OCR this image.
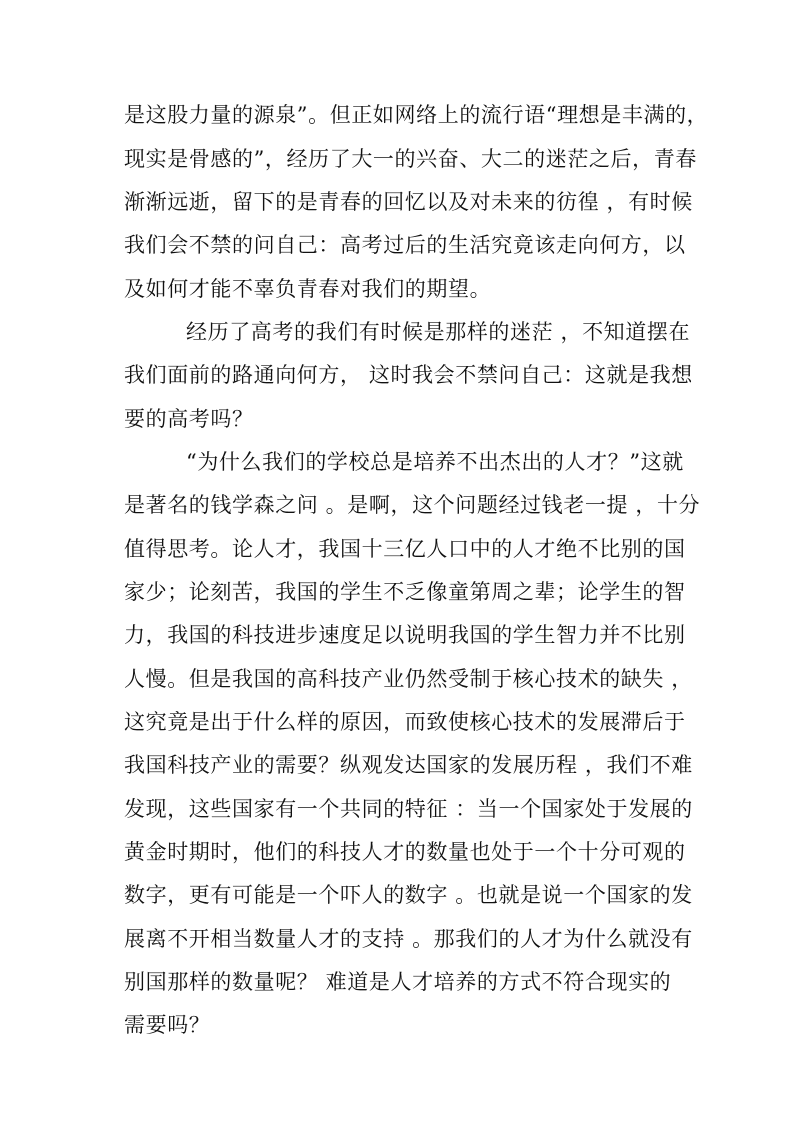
是这股力量的源泉”。但正如网络上的流行语“理想是丰满的，
现实是骨感的”，经历了大一的兴奋、大二的迷茫之后，青春
渐渐远逝，留下的是青春的回忆以及对未来的彷徨 ，有时候
我们会不禁的问自己：高考过后的生活究竟该走向何方，以
及如何才能不辜负青春对我们的期望。
经历了高考的我们有时候是那样的迷茫 ，不知道摆在
我们面前的路通向何方， 这时我会不禁问自己：这就是我想
要的高考吗？
“为什么我们的学校总是培养不出杰出的人才？”这就
是著名的钱学森之问 。是啊，这个问题经过钱老一提 ，十分
值得思考。论人才，我国十三亿人口中的人才绝不比别的国
家少；论刻苦，我国的学生不乏像童第周之辈；论学生的智
力，我国的科技进步速度足以说明我国的学生智力并不比别
人慢。但是我国的高科技产业仍然受制于核心技术的缺失 ，
这究竟是出于什么样的原因，而致使核心技术的发展滞后于
我国科技产业的需要？纵观发达国家的发展历程 ，我们不难
发现，这些国家有一个共同的特征 ：当一个国家处于发展的
黄金时期时，他们的科技人才的数量也处于一个十分可观的
数字，更有可能是一个吓人的数字 。也就是说一个国家的发
展离不开相当数量人才的支持 。那我们的人才为什么就没有
别国那样的数量呢？ 难道是人才培养的方式不符合现实的
需要吗？
